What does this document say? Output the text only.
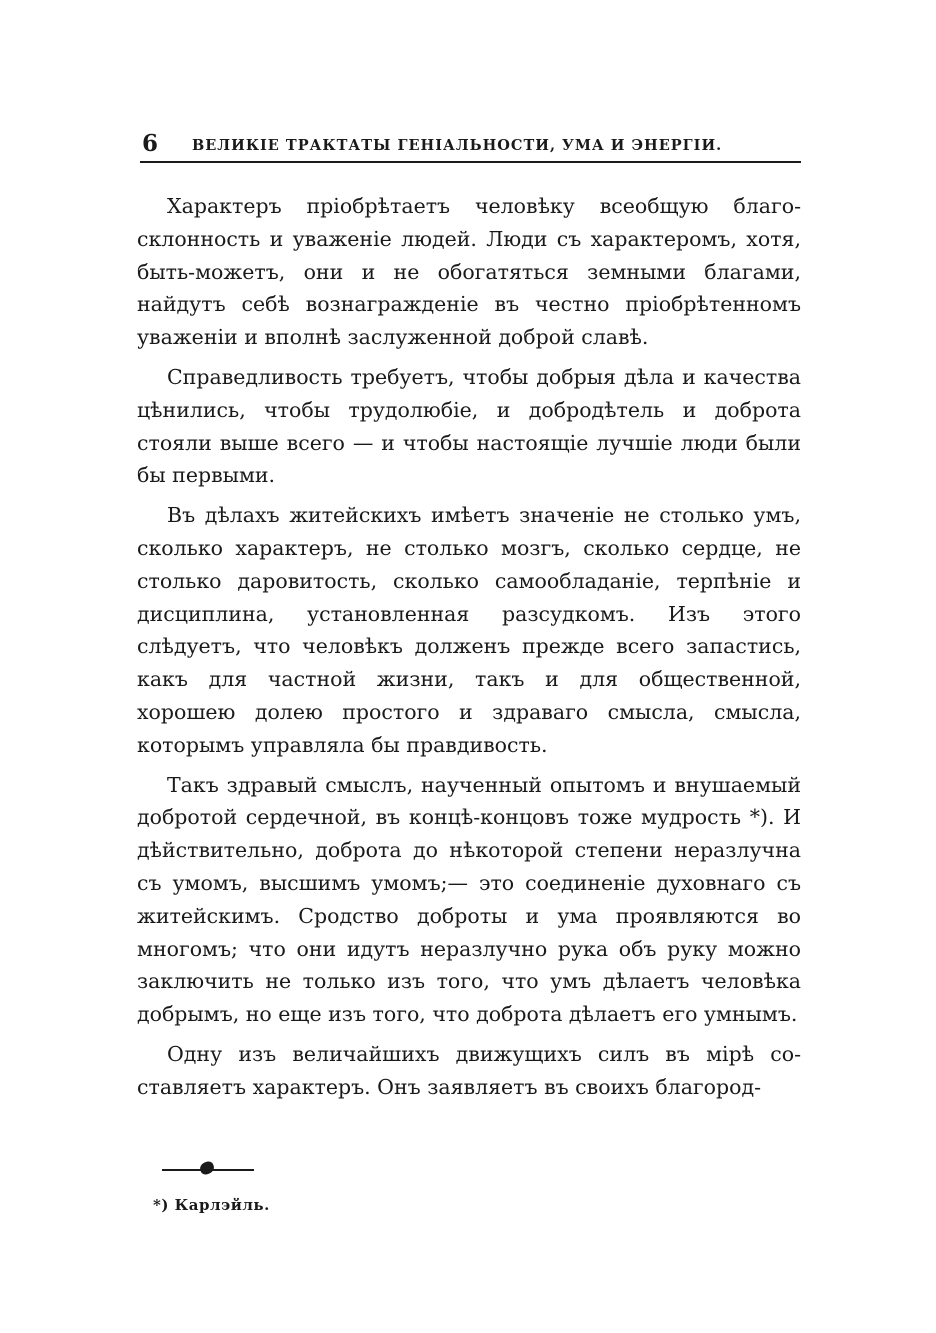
6 ВЕЛИКІЕ ТРАКТАТЫ ГЕНІАЛЬНОСТИ, УМА И ЭНЕРГІИ.

Характеръ пріобрѣтаетъ человѣку всеобщую благосклонность и уваженіе людей. Люди съ характеромъ, хотя, быть-можетъ, они и не обогатяться земными благами, найдутъ себѣ вознагражденіе въ честно пріобрѣтенномъ уваженіи и вполнѣ заслуженной доброй славѣ.

Справедливость требуетъ, чтобы добрыя дѣла и качества цѣнились, чтобы трудолюбіе, и добродѣтель и доброта стояли выше всего — и чтобы настоящіе лучшіе люди были бы первыми.

Въ дѣлахъ житейскихъ имѣетъ значеніе не столько умъ, сколько характеръ, не столько мозгъ, сколько сердце, не столько даровитость, сколько самообладаніе, терпѣніе и дисциплина, установленная разсудкомъ. Изъ этого слѣдуетъ, что человѣкъ долженъ прежде всего запастись, какъ для частной жизни, такъ и для общественной, хорошею долею простого и здраваго смысла, смысла, которымъ управляла бы правдивость.

Такъ здравый смыслъ, наученный опытомъ и внушаемый добротой сердечной, въ концѣ-концовъ тоже мудрость *). И дѣйствительно, доброта до нѣкоторой степени неразлучна съ умомъ, высшимъ умомъ;— это соединеніе духовнаго съ житейскимъ. Сродство доброты и ума проявляются во многомъ; что они идутъ неразлучно рука объ руку можно заключить не только изъ того, что умъ дѣлаетъ человѣка добрымъ, но еще изъ того, что доброта дѣлаетъ его умнымъ.

Одну изъ величайшихъ движущихъ силъ въ мірѣ составляетъ характеръ. Онъ заявляетъ въ своихъ благород-

*) Карлэйль.
